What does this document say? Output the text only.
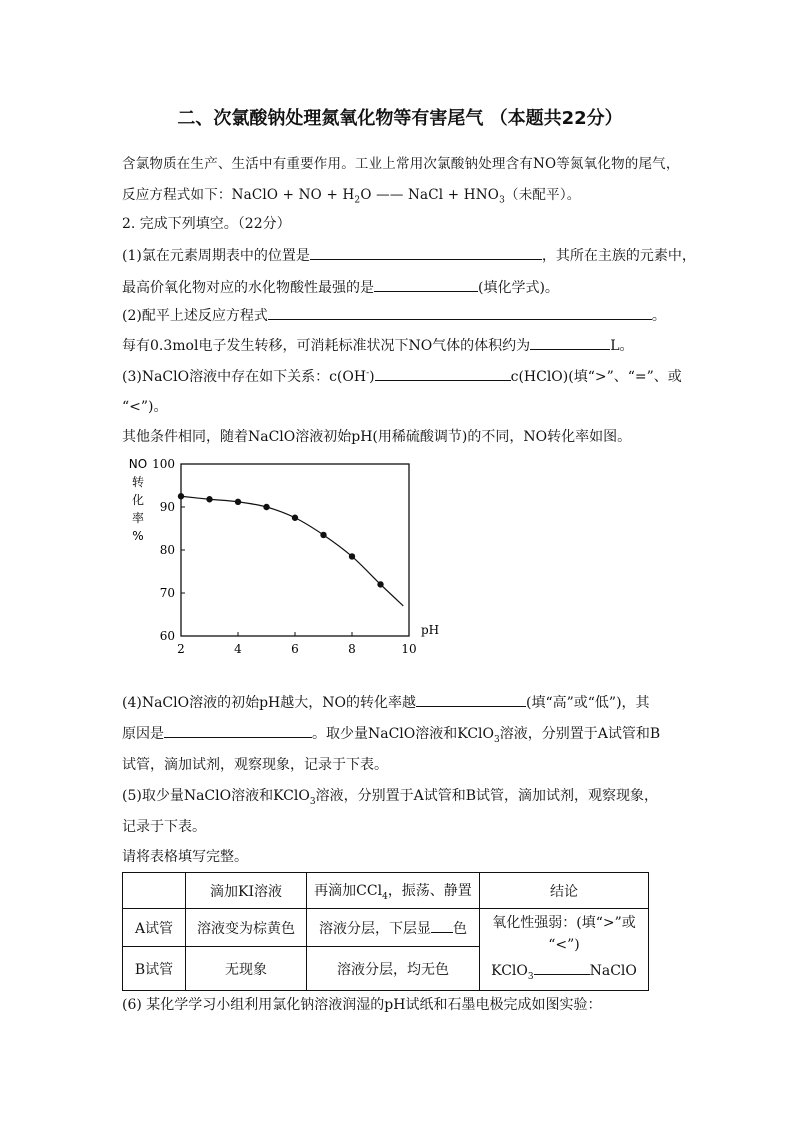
二、次氯酸钠处理氮氧化物等有害尾气 （本题共22分）
含氯物质在生产、生活中有重要作用。工业上常用次氯酸钠处理含有NO等氮氧化物的尾气，
反应方程式如下：NaClO + NO + $H_2O$ —— NaCl + $HNO_3$（未配平）。
2. 完成下列填空。（22分）
(1)氯在元素周期表中的位置是	，其所在主族的元素中，
最高价氧化物对应的水化物酸性最强的是	(填化学式)。
(2)配平上述反应方程式	。
每有0.3mol电子发生转移，可消耗标准状况下NO气体的体积约为	L。
(3)NaClO溶液中存在如下关系：c(OH-)	c(HClO)(填“>”、“=”、或
“<”)。
其他条件相同，随着NaClO溶液初始pH(用稀硫酸调节)的不同，NO转化率如图。
2	4	6	8	10
60
70
80
90
100
NO
转
化
率
%
pH
(4)NaClO溶液的初始pH越大，NO的转化率越	(填“高”或“低”)，其
原因是	。取少量NaClO溶液和KClO$_3$溶液，分别置于A试管和B
试管，滴加试剂，观察现象，记录于下表。
(5)取少量NaClO溶液和KClO$_3$溶液，分别置于A试管和B试管，滴加试剂，观察现象，
记录于下表。
请将表格填写完整。
	滴加KI溶液	再滴加CCl$_4$，振荡、静置	结论
A试管	溶液变为棕黄色	溶液分层，下层显 色	氧化性强弱：(填“>”或
“<”)
KClO$_3$ NaClO

B试管	无现象	溶液分层，均无色	
(6) 某化学学习小组利用氯化钠溶液润湿的pH试纸和石墨电极完成如图实验：
